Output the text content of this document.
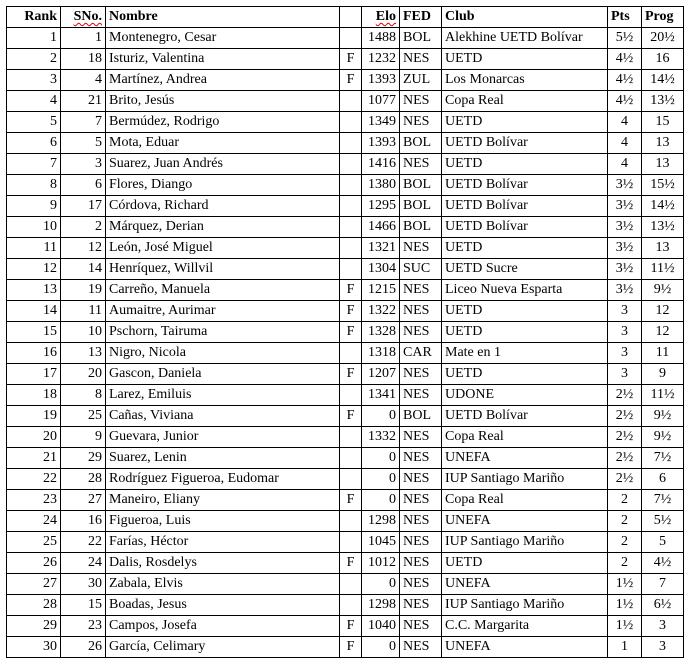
Rank	SNo.	Nombre		Elo	FED	Club	Pts	Prog
1	1	Montenegro, Cesar		1488	BOL	Alekhine UETD Bolívar	5½	20½
2	18	Isturiz, Valentina	F	1232	NES	UETD	4½	16
3	4	Martínez, Andrea	F	1393	ZUL	Los Monarcas	4½	14½
4	21	Brito, Jesús		1077	NES	Copa Real	4½	13½
5	7	Bermúdez, Rodrigo		1349	NES	UETD	4	15
6	5	Mota, Eduar		1393	BOL	UETD Bolívar	4	13
7	3	Suarez, Juan Andrés		1416	NES	UETD	4	13
8	6	Flores, Diango		1380	BOL	UETD Bolívar	3½	15½
9	17	Córdova, Richard		1295	BOL	UETD Bolívar	3½	14½
10	2	Márquez, Derian		1466	BOL	UETD Bolívar	3½	13½
11	12	León, José Miguel		1321	NES	UETD	3½	13
12	14	Henríquez, Willvil		1304	SUC	UETD Sucre	3½	11½
13	19	Carreño, Manuela	F	1215	NES	Liceo Nueva Esparta	3½	9½
14	11	Aumaitre, Aurimar	F	1322	NES	UETD	3	12
15	10	Pschorn, Tairuma	F	1328	NES	UETD	3	12
16	13	Nigro, Nicola		1318	CAR	Mate en 1	3	11
17	20	Gascon, Daniela	F	1207	NES	UETD	3	9
18	8	Larez, Emiluis		1341	NES	UDONE	2½	11½
19	25	Cañas, Viviana	F	0	BOL	UETD Bolívar	2½	9½
20	9	Guevara, Junior		1332	NES	Copa Real	2½	9½
21	29	Suarez, Lenin		0	NES	UNEFA	2½	7½
22	28	Rodríguez Figueroa, Eudomar		0	NES	IUP Santiago Mariño	2½	6
23	27	Maneiro, Eliany	F	0	NES	Copa Real	2	7½
24	16	Figueroa, Luis		1298	NES	UNEFA	2	5½
25	22	Farías, Héctor		1045	NES	IUP Santiago Mariño	2	5
26	24	Dalis, Rosdelys	F	1012	NES	UETD	2	4½
27	30	Zabala, Elvis		0	NES	UNEFA	1½	7
28	15	Boadas, Jesus		1298	NES	IUP Santiago Mariño	1½	6½
29	23	Campos, Josefa	F	1040	NES	C.C. Margarita	1½	3
30	26	García, Celimary	F	0	NES	UNEFA	1	3
